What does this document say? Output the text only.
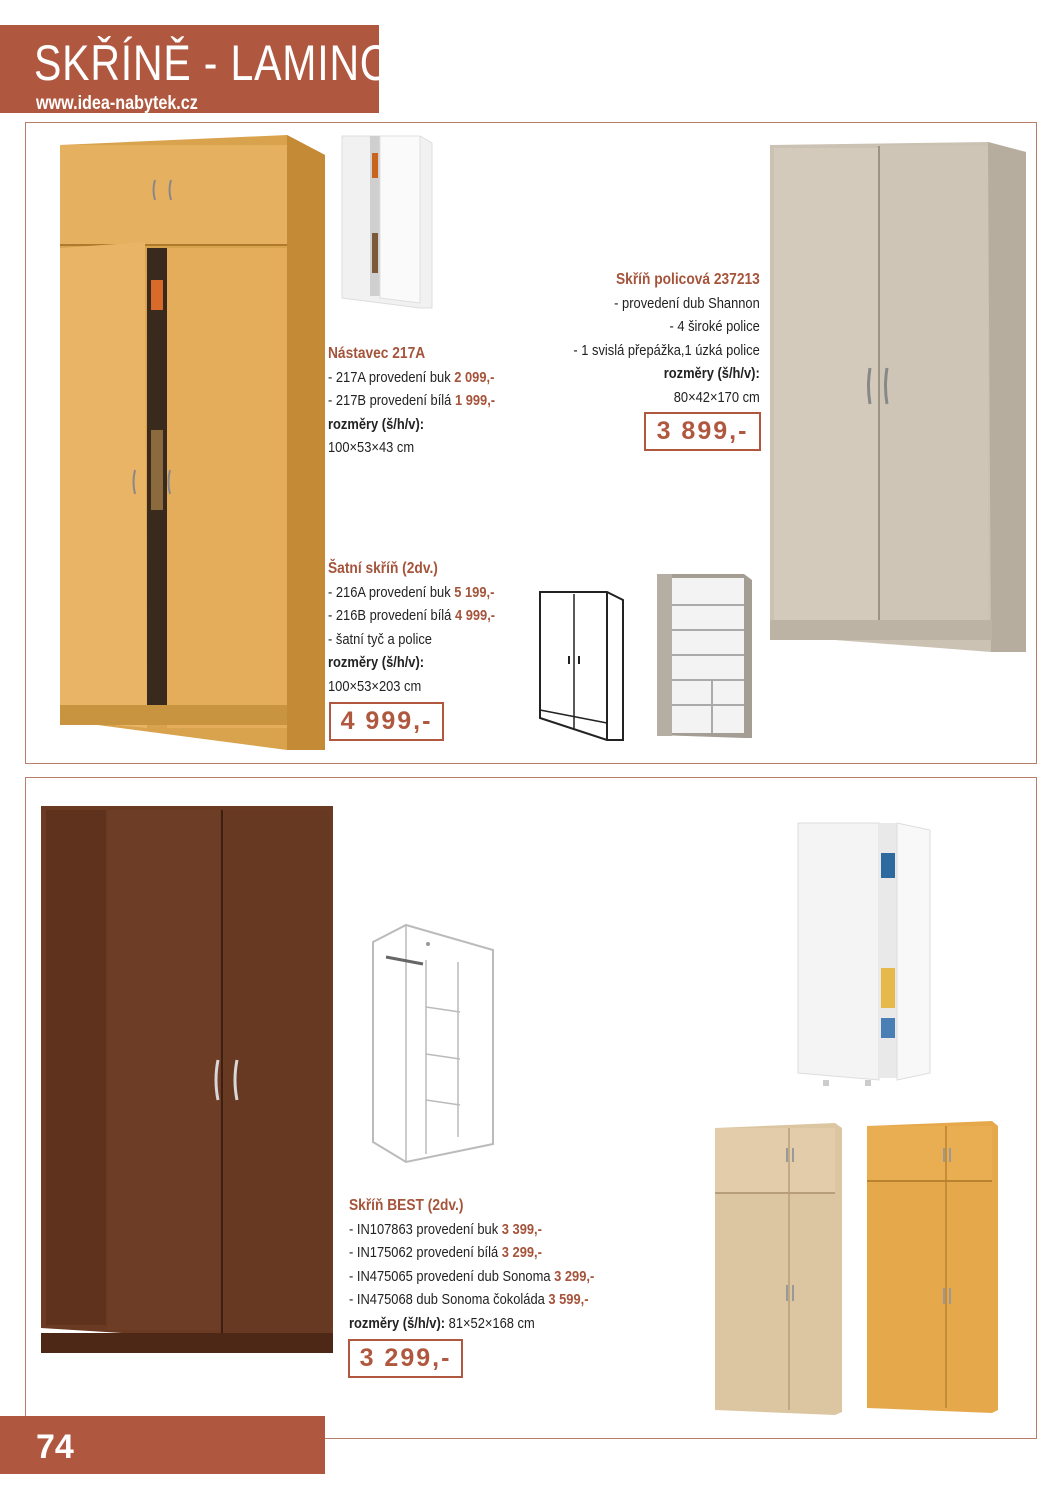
SKŘÍNĚ - LAMINO
www.idea-nabytek.cz
Nástavec 217A
- 217A provedení buk 2 099,-
- 217B provedení bílá 1 999,-
rozměry (š/h/v):
100×53×43 cm
Skříň policová 237213
- provedení dub Shannon
- 4 široké police
- 1 svislá přepážka,1 úzká police
rozměry (š/h/v):
80×42×170 cm
3 899,-
Šatní skříň (2dv.)
- 216A provedení buk 5 199,-
- 216B provedení bílá 4 999,-
- šatní tyč a police
rozměry (š/h/v):
100×53×203 cm
4 999,-
Skříň BEST (2dv.)
- IN107863 provedení buk 3 399,-
- IN175062 provedení bílá 3 299,-
- IN475065 provedení dub Sonoma 3 299,-
- IN475068 dub Sonoma čokoláda 3 599,-
rozměry (š/h/v): 81×52×168 cm
3 299,-
74
